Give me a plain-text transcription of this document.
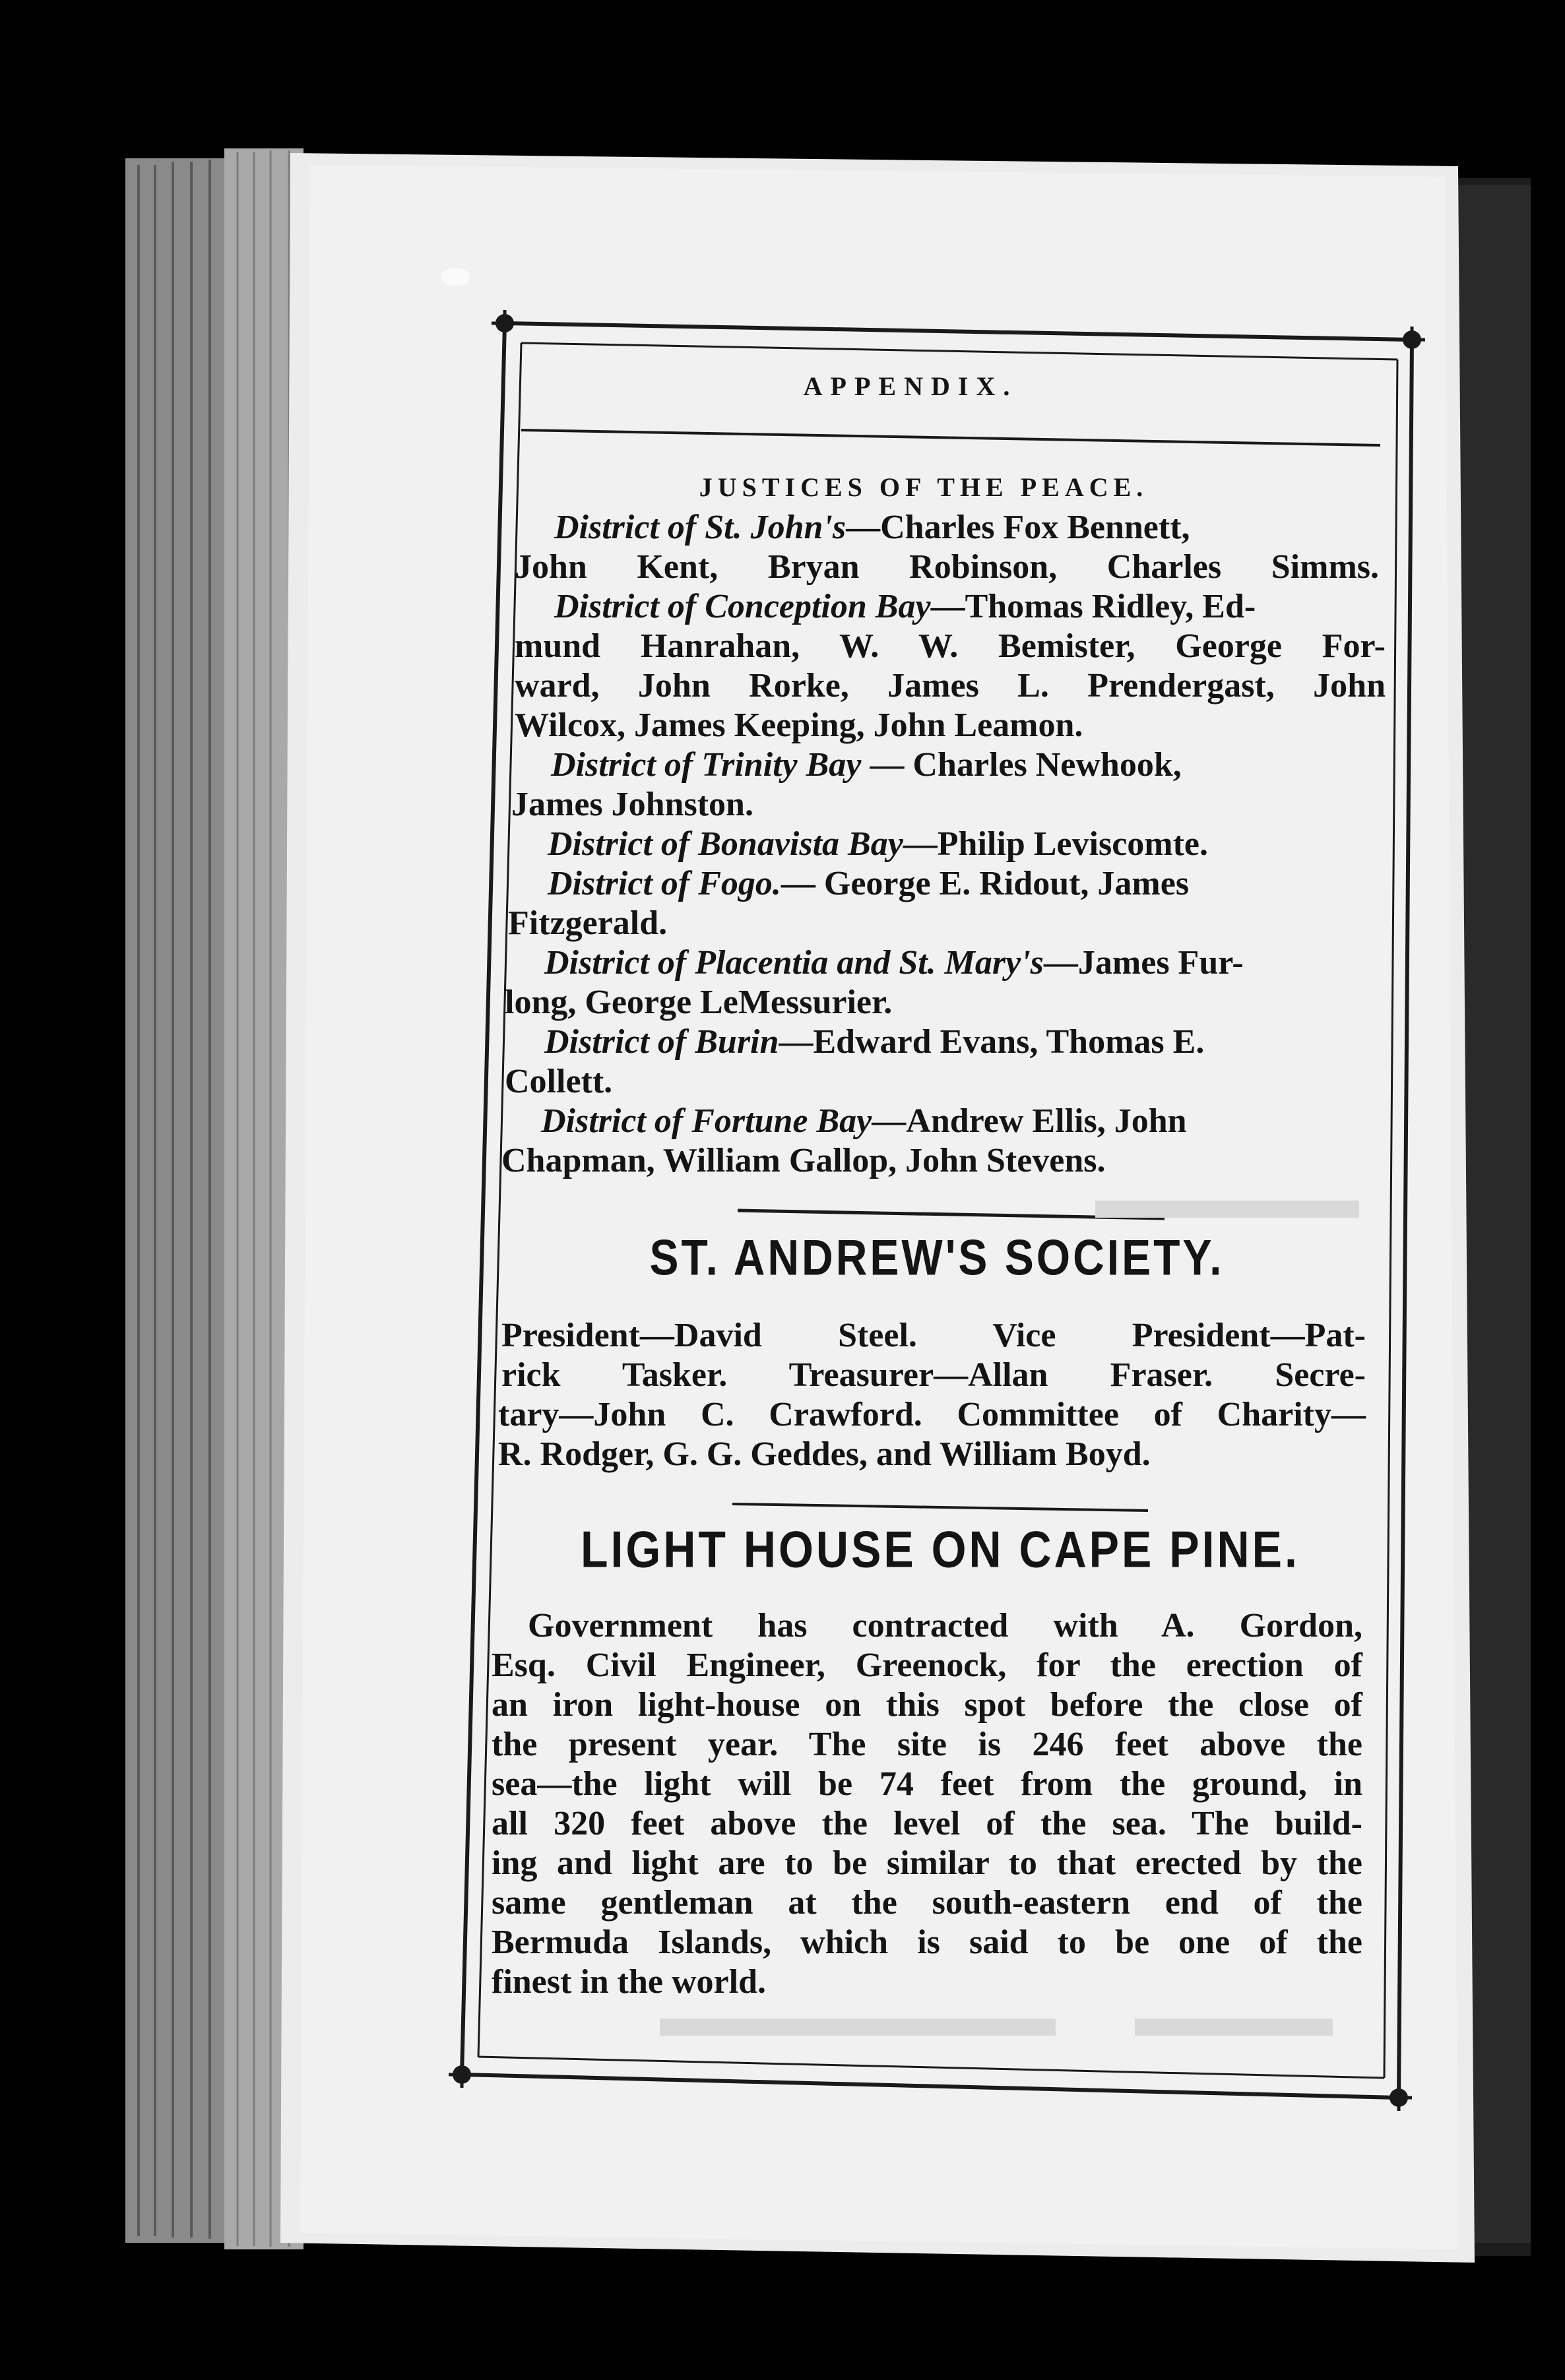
APPENDIX.
JUSTICES OF THE PEACE.
District of St. John's—Charles Fox Bennett,
John Kent, Bryan Robinson, Charles Simms.
District of Conception Bay—Thomas Ridley, Ed-
mund Hanrahan, W. W. Bemister, George For-
ward, John Rorke, James L. Prendergast, John
Wilcox, James Keeping, John Leamon.
District of Trinity Bay — Charles Newhook,
James Johnston.
District of Bonavista Bay—Philip Leviscomte.
District of Fogo.— George E. Ridout, James
Fitzgerald.
District of Placentia and St. Mary's—James Fur-
long, George LeMessurier.
District of Burin—Edward Evans, Thomas E.
Collett.
District of Fortune Bay—Andrew Ellis, John
Chapman, William Gallop, John Stevens.
ST. ANDREW'S SOCIETY.
President—David Steel. Vice President—Pat-
rick Tasker. Treasurer—Allan Fraser. Secre-
tary—John C. Crawford. Committee of Charity—
R. Rodger, G. G. Geddes, and William Boyd.
LIGHT HOUSE ON CAPE PINE.
Government has contracted with A. Gordon,
Esq. Civil Engineer, Greenock, for the erection of
an iron light-house on this spot before the close of
the present year. The site is 246 feet above the
sea—the light will be 74 feet from the ground, in
all 320 feet above the level of the sea. The build-
ing and light are to be similar to that erected by the
same gentleman at the south-eastern end of the
Bermuda Islands, which is said to be one of the
finest in the world.
